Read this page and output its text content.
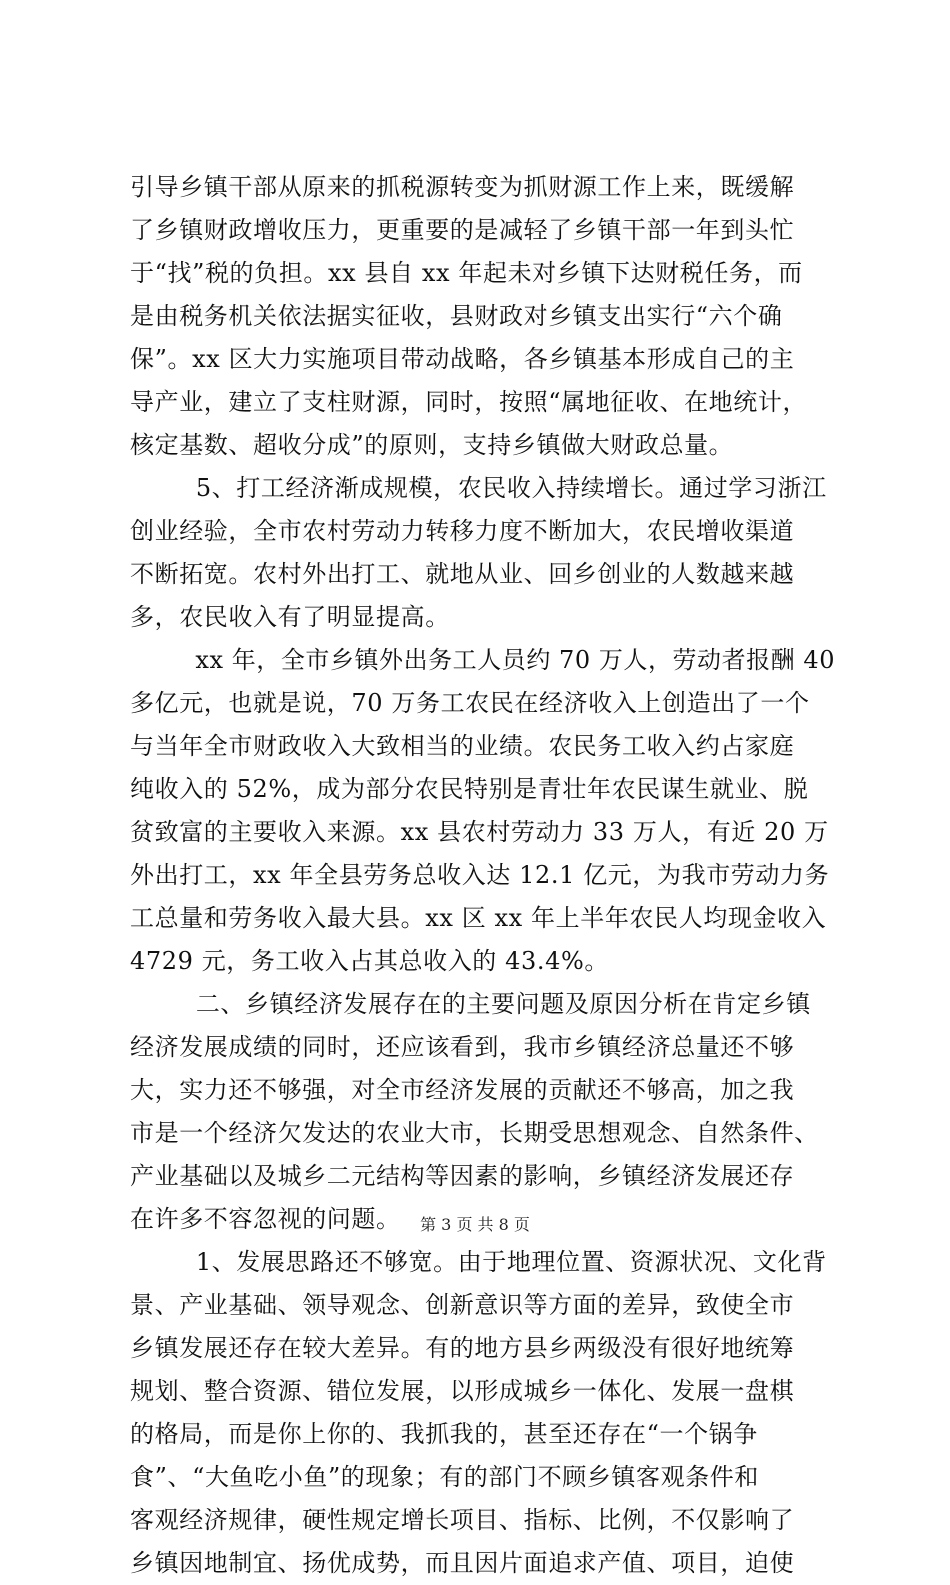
引导乡镇干部从原来的抓税源转变为抓财源工作上来，既缓解
了乡镇财政增收压力，更重要的是减轻了乡镇干部一年到头忙
于“找”税的负担。xx 县自 xx 年起未对乡镇下达财税任务，而
是由税务机关依法据实征收，县财政对乡镇支出实行“六个确
保”。xx 区大力实施项目带动战略，各乡镇基本形成自己的主
导产业，建立了支柱财源，同时，按照“属地征收、在地统计，
核定基数、超收分成”的原则，支持乡镇做大财政总量。
5、打工经济渐成规模，农民收入持续增长。通过学习浙江
创业经验，全市农村劳动力转移力度不断加大，农民增收渠道
不断拓宽。农村外出打工、就地从业、回乡创业的人数越来越
多，农民收入有了明显提高。
xx 年，全市乡镇外出务工人员约 70 万人，劳动者报酬 40
多亿元，也就是说，70 万务工农民在经济收入上创造出了一个
与当年全市财政收入大致相当的业绩。农民务工收入约占家庭
纯收入的 52%，成为部分农民特别是青壮年农民谋生就业、脱
贫致富的主要收入来源。xx 县农村劳动力 33 万人，有近 20 万
外出打工，xx 年全县劳务总收入达 12.1 亿元，为我市劳动力务
工总量和劳务收入最大县。xx 区 xx 年上半年农民人均现金收入
4729 元，务工收入占其总收入的 43.4%。
二、乡镇经济发展存在的主要问题及原因分析在肯定乡镇
经济发展成绩的同时，还应该看到，我市乡镇经济总量还不够
大，实力还不够强，对全市经济发展的贡献还不够高，加之我
市是一个经济欠发达的农业大市，长期受思想观念、自然条件、
产业基础以及城乡二元结构等因素的影响，乡镇经济发展还存
在许多不容忽视的问题。
1、发展思路还不够宽。由于地理位置、资源状况、文化背
景、产业基础、领导观念、创新意识等方面的差异，致使全市
乡镇发展还存在较大差异。有的地方县乡两级没有很好地统筹
规划、整合资源、错位发展，以形成城乡一体化、发展一盘棋
的格局，而是你上你的、我抓我的，甚至还存在“一个锅争
食”、“大鱼吃小鱼”的现象；有的部门不顾乡镇客观条件和
客观经济规律，硬性规定增长项目、指标、比例，不仅影响了
乡镇因地制宜、扬优成势，而且因片面追求产值、项目，迫使
第 3 页 共 8 页
